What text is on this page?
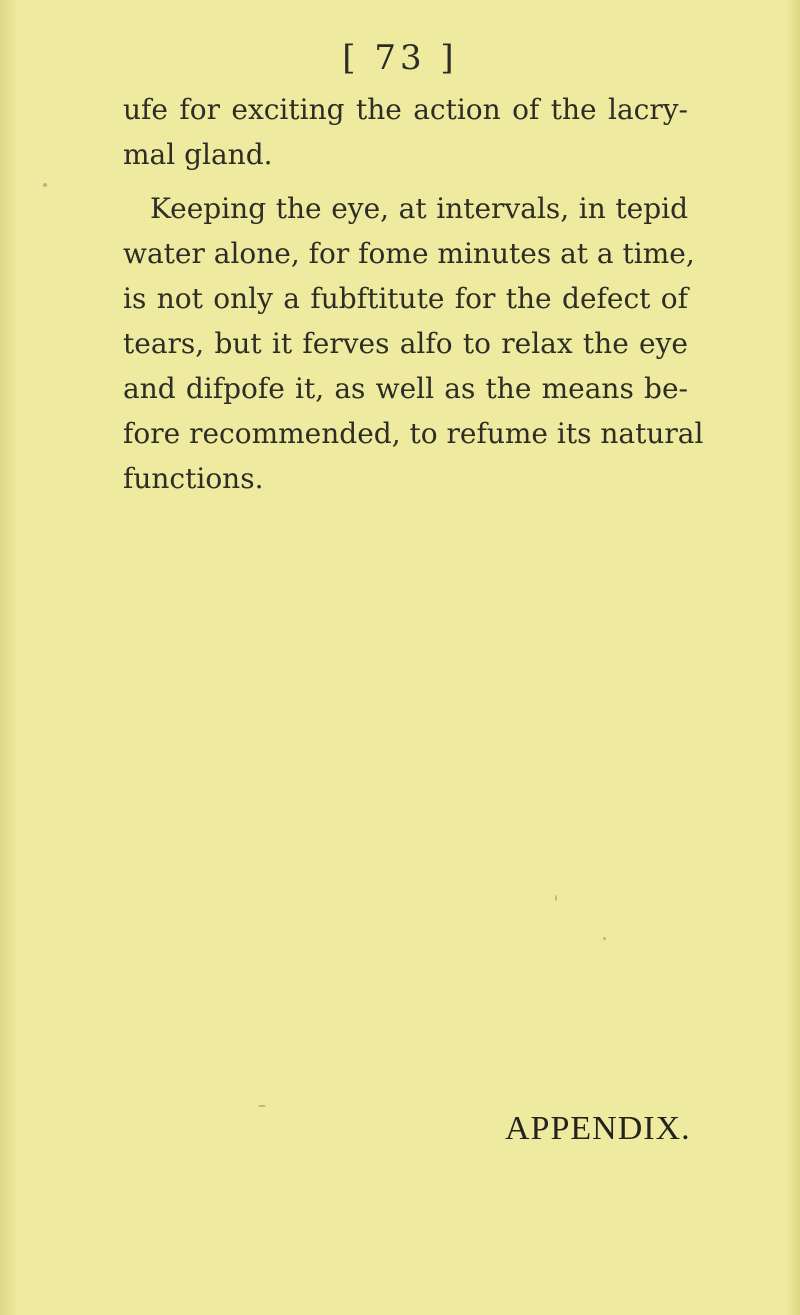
[ 73 ]
ufe for exciting the action of the lacry-
mal gland.
Keeping the eye, at intervals, in tepid
water alone, for fome minutes at a time,
is not only a fubftitute for the defect of
tears, but it ferves alfo to relax the eye
and difpofe it, as well as the means be-
fore recommended, to refume its natural
functions.
APPENDIX.
